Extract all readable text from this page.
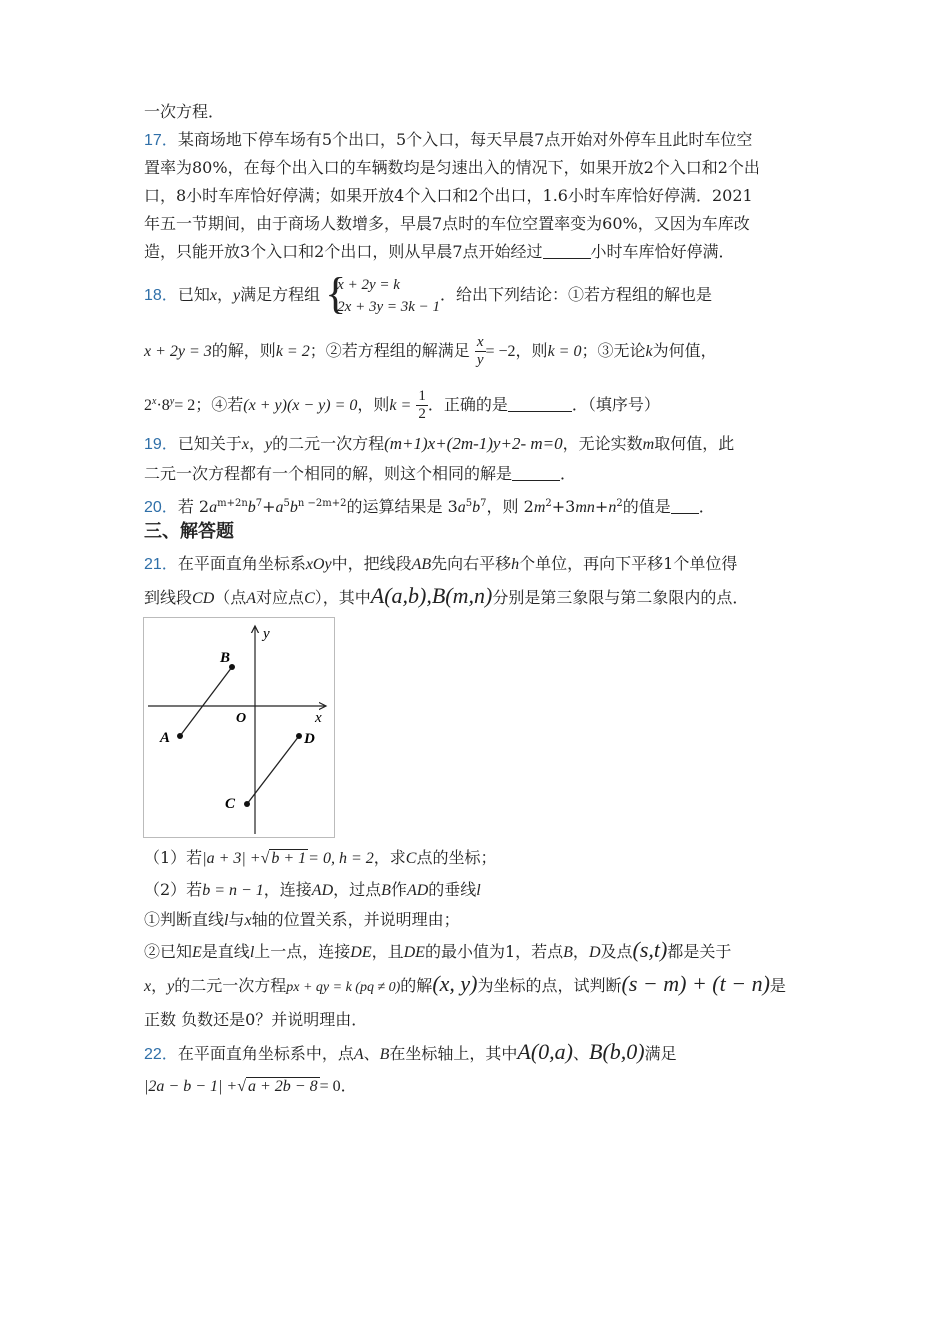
一次方程．
17．某商场地下停车场有5个出口，5个入口，每天早晨7点开始对外停车且此时车位空
置率为80%，在每个出入口的车辆数均是匀速出入的情况下，如果开放2个入口和2个出
口，8小时车库恰好停满；如果开放4个入口和2个出口，1.6小时车库恰好停满．2021
年五一节期间，由于商场人数增多，早晨7点时的车位空置率变为60%，又因为车库改
造，只能开放3个入口和2个出口，则从早晨7点开始经过	小时车库恰好停满．
18．已知x，y满足方程组 {
x + 2y = k
2x + 3y = 3k − 1
．给出下列结论：①若方程组的解也是
x + 2y = 3的解，则k = 2；②若方程组的解满足 $\frac{x}{y} = -2$，则k = 0；③无论k为何值，
$2^x\cdot 8^y= 2$；④若(x + y)(x − y) = 0，则$k = \frac{1}{2}$ ．正确的是	．（填序号）
19．已知关于x，y的二元一次方程(m+1)x+(2m-1)y+2- m=0，无论实数m取何值，此
二元一次方程都有一个相同的解，则这个相同的解是	．
20．若 $2a^{m+2n}b^7+a^5b^{n -2m+2}$的运算结果是 $3a^5b^7$，则 $2m^2+3mn+n^2$的值是 ．
三、解答题
21．在平面直角坐标系xOy中，把线段AB先向右平移h个单位，再向下平移1个单位得
到线段CD（点A对应点C），其中A(a,b),B(m,n)分别是第三象限与第二象限内的点．
y
x
O
A
B
C
D
（1）若|a + 3| +√ b + 1 = 0, h = 2，求C点的坐标；
（2）若b = n − 1，连接AD，过点B作AD的垂线l
①判断直线l与x轴的位置关系，并说明理由；
②已知E是直线l上一点，连接DE，且DE的最小值为1，若点B，D及点(s,t)都是关于
x，y的二元一次方程px + qy = k (pq ≠ 0)的解(x, y)为坐标的点，试判断(s − m) + (t − n)是
正数 负数还是0？并说明理由．
22．在平面直角坐标系中，点A、B在坐标轴上，其中A(0,a)、B(b,0)满足
|2a − b − 1| +√ a + 2b − 8 = 0．
